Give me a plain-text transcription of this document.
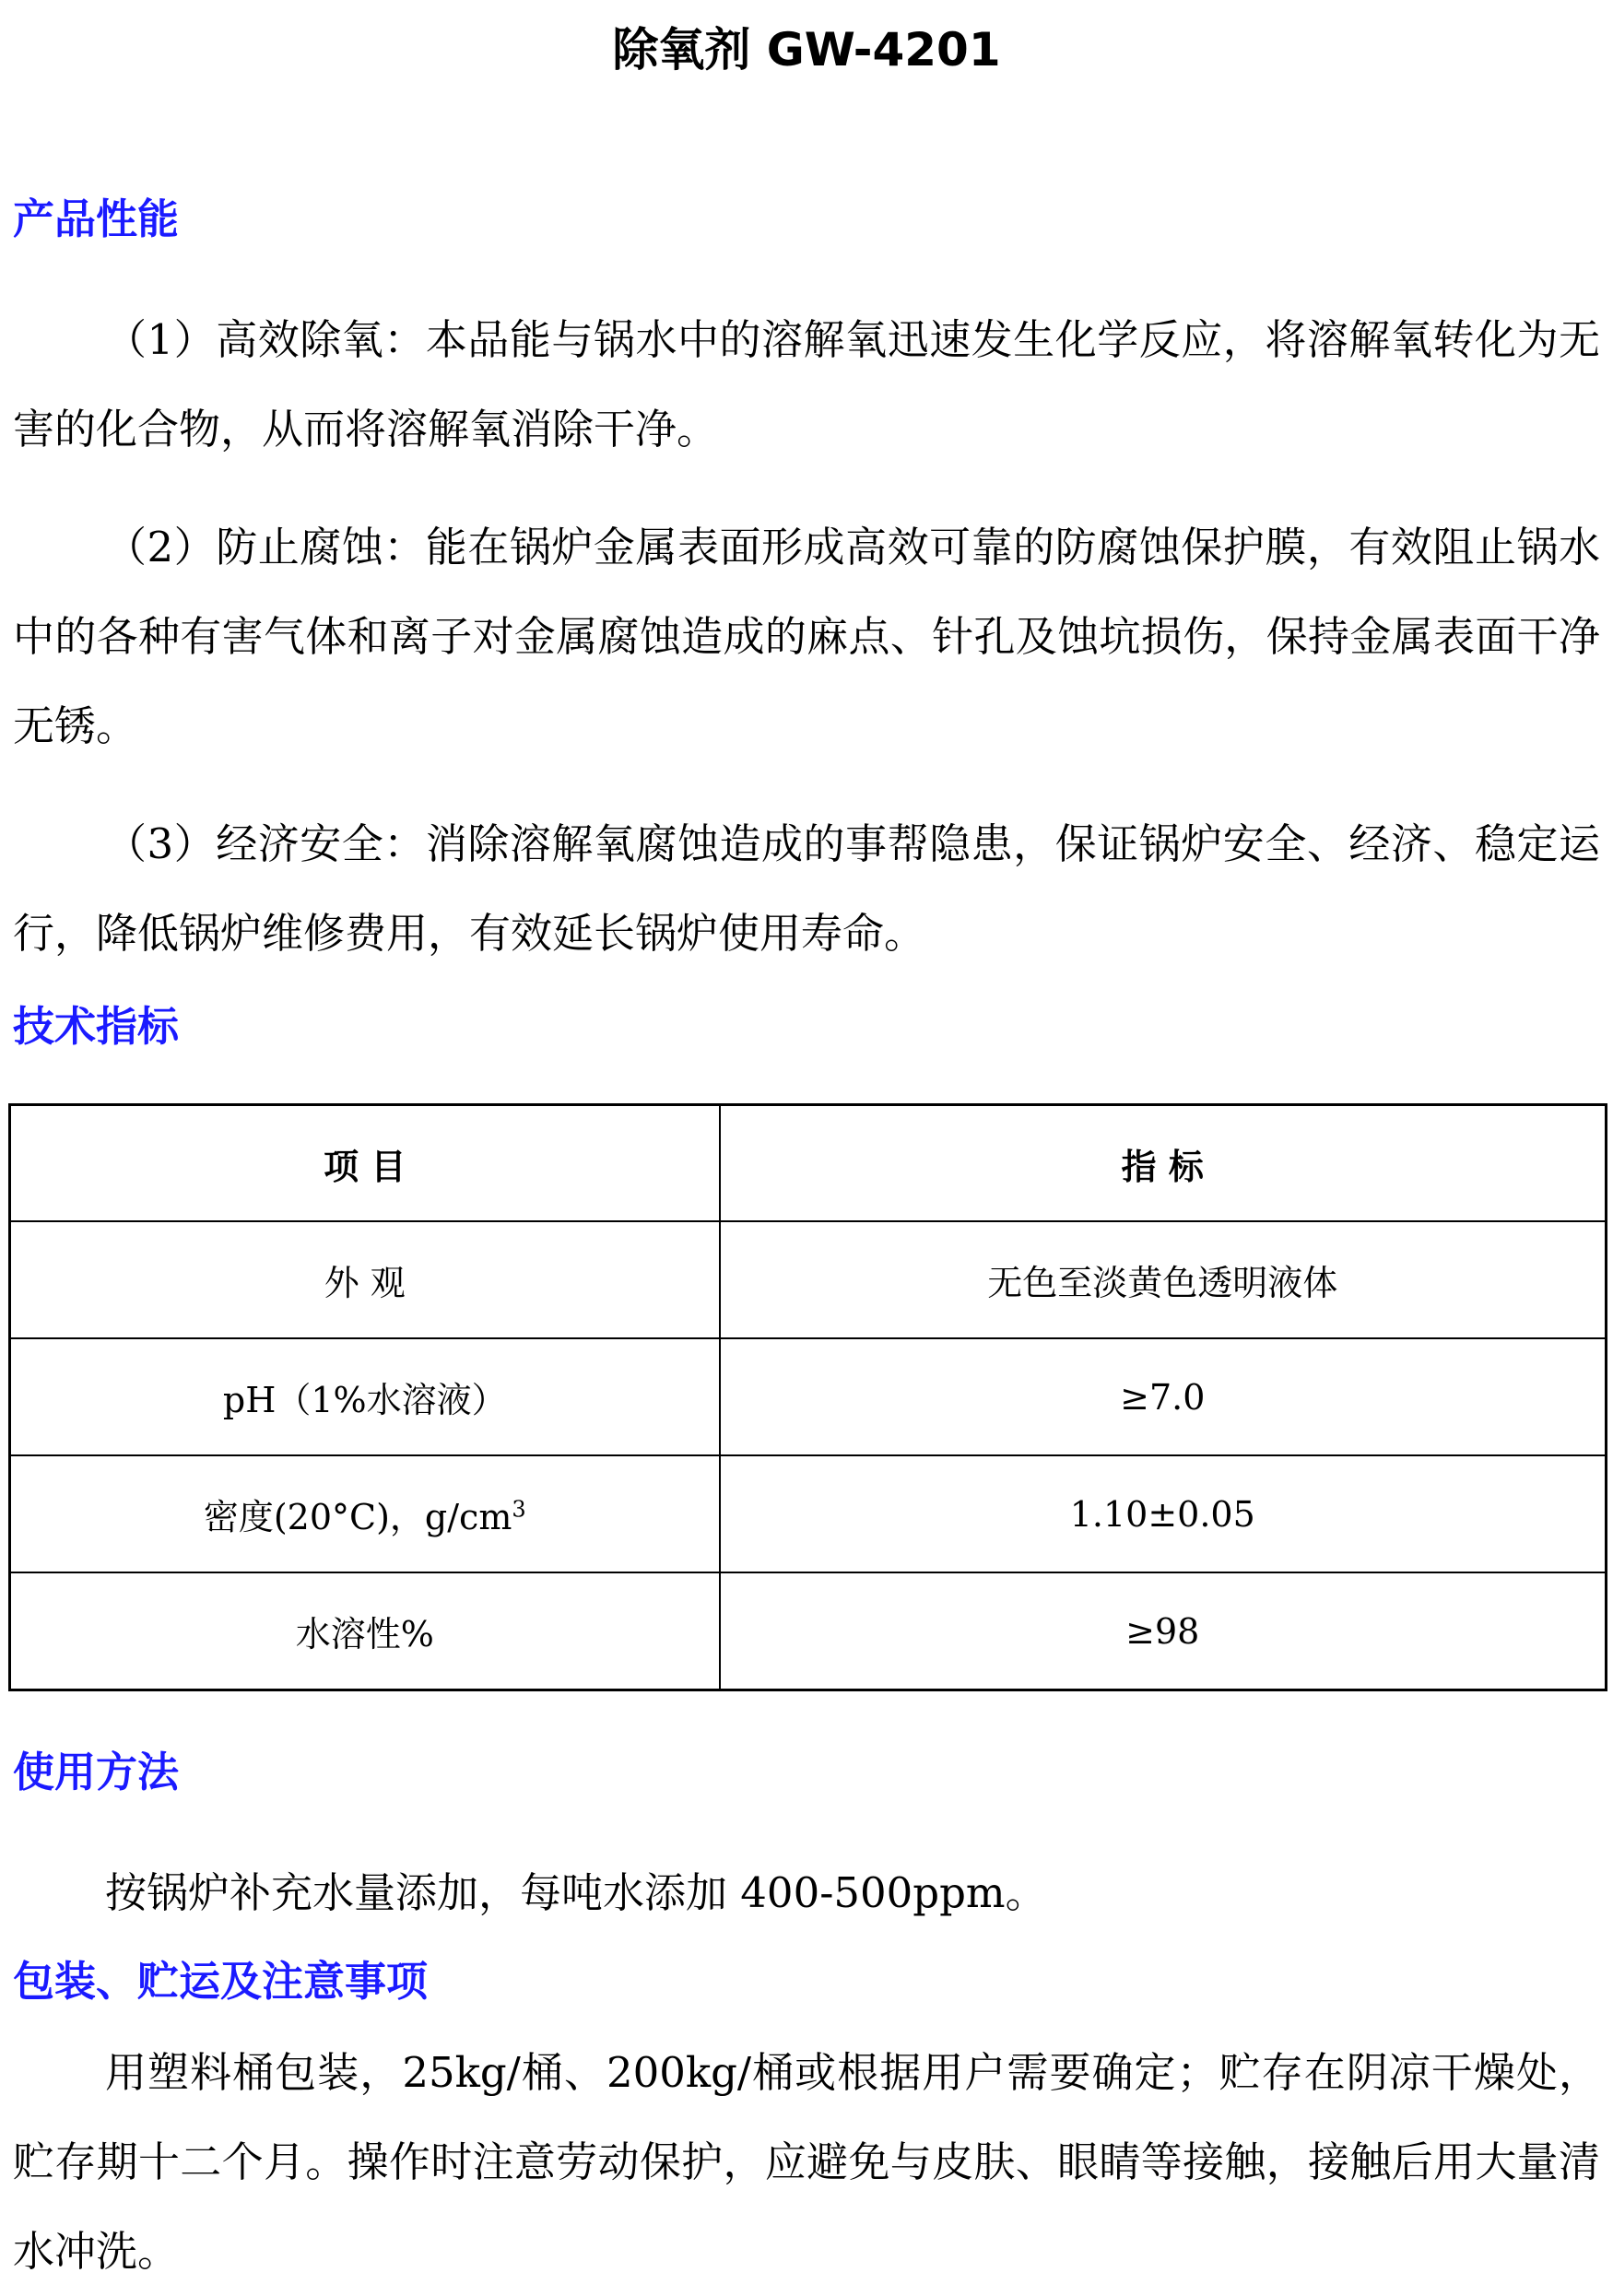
除氧剂 GW-4201
产品性能

（1）高效除氧：本品能与锅水中的溶解氧迅速发生化学反应，将溶解氧转化为无害的化合物，从而将溶解氧消除干净。

（2）防止腐蚀：能在锅炉金属表面形成高效可靠的防腐蚀保护膜，有效阻止锅水中的各种有害气体和离子对金属腐蚀造成的麻点、针孔及蚀坑损伤，保持金属表面干净无锈。

（3）经济安全：消除溶解氧腐蚀造成的事帮隐患，保证锅炉安全、经济、稳定运行，降低锅炉维修费用，有效延长锅炉使用寿命。

技术指标
项 目	指 标
外 观	无色至淡黄色透明液体
pH（1%水溶液）	≥7.0
密度(20°C)，$g/cm^3$	1.10±0.05
水溶性%	≥98
使用方法

按锅炉补充水量添加，每吨水添加 400-500ppm。

包装、贮运及注意事项

用塑料桶包装，25kg/桶、200kg/桶或根据用户需要确定；贮存在阴凉干燥处，贮存期十二个月。操作时注意劳动保护，应避免与皮肤、眼睛等接触，接触后用大量清水冲洗。
